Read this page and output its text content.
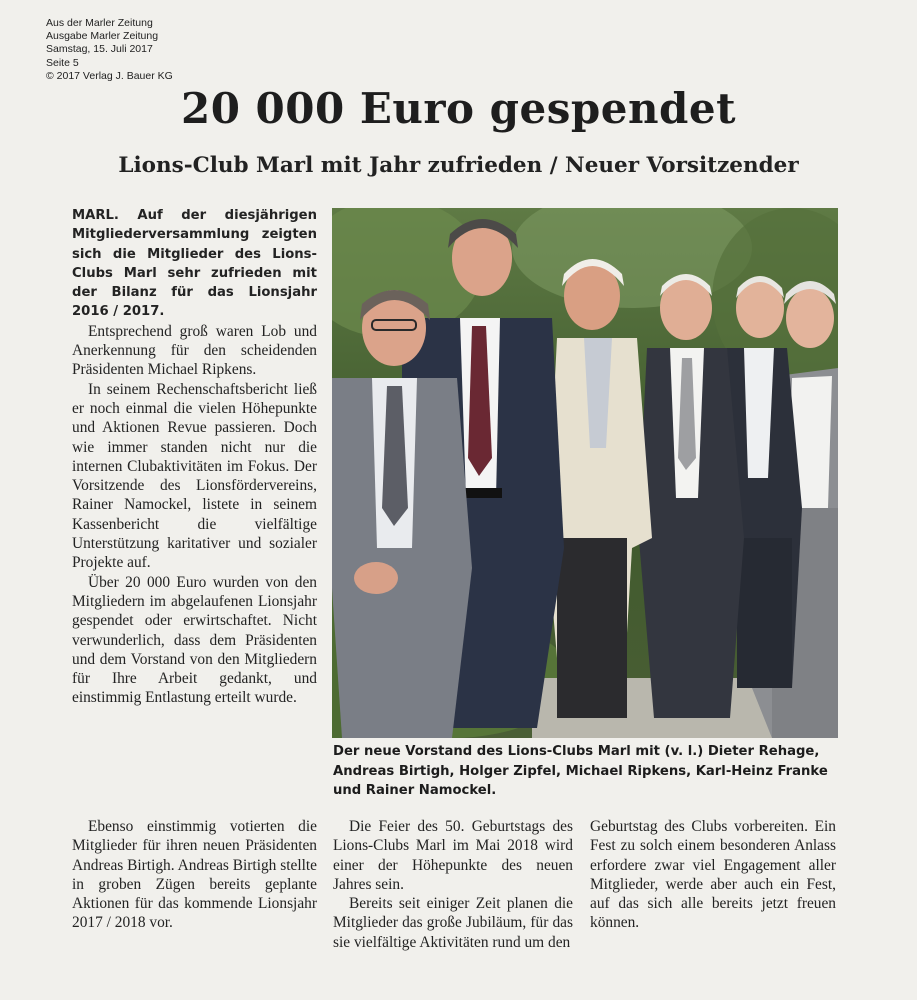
Aus der Marler Zeitung
Ausgabe Marler Zeitung
Samstag, 15. Juli 2017
Seite 5
© 2017 Verlag J. Bauer KG
20 000 Euro gespendet
Lions-Club Marl mit Jahr zufrieden / Neuer Vorsitzender

MARL. Auf der diesjährigen Mitgliederversammlung zeigten sich die Mitglieder des Lions-Clubs Marl sehr zufrieden mit der Bilanz für das Lionsjahr 2016 / 2017.

Entsprechend groß waren Lob und Anerkennung für den scheidenden Präsidenten Michael Ripkens.

In seinem Rechenschaftsbericht ließ er noch einmal die vielen Höhepunkte und Aktionen Revue passieren. Doch wie immer standen nicht nur die internen Clubaktivitäten im Fokus. Der Vorsitzende des Lionsfördervereins, Rainer Namockel, listete in seinem Kassenbericht die vielfältige Unterstützung karitativer und sozialer Projekte auf.

Über 20 000 Euro wurden von den Mitgliedern im abgelaufenen Lionsjahr gespendet oder erwirtschaftet. Nicht verwunderlich, dass dem Präsidenten und dem Vorstand von den Mitgliedern für Ihre Arbeit gedankt, und einstimmig Entlastung erteilt wurde.

Ebenso einstimmig votierten die Mitglieder für ihren neuen Präsidenten Andreas Birtigh. Andreas Birtigh stellte in groben Zügen bereits geplante Aktionen für das kommende Lionsjahr 2017 / 2018 vor.

Die Feier des 50. Geburtstags des Lions-Clubs Marl im Mai 2018 wird einer der Höhepunkte des neuen Jahres sein.

Bereits seit einiger Zeit planen die Mitglieder das große Jubiläum, für das sie vielfältige Aktivitäten rund um den

Geburtstag des Clubs vorbereiten. Ein Fest zu solch einem besonderen Anlass erfordere zwar viel Engagement aller Mitglieder, werde aber auch ein Fest, auf das sich alle bereits jetzt freuen können.

Der neue Vorstand des Lions-Clubs Marl mit (v. l.) Dieter Rehage, Andreas Birtigh, Holger Zipfel, Michael Ripkens, Karl-Heinz Franke und Rainer Namockel.
